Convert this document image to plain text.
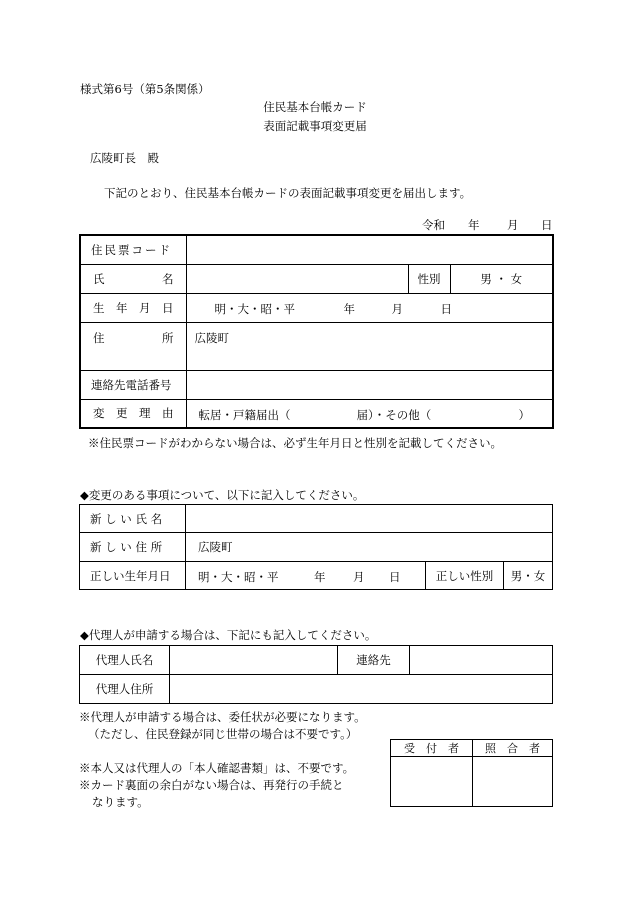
様式第6号（第5条関係）
住民基本台帳カード
表面記載事項変更届
広陵町長　殿
下記のとおり、住民基本台帳カードの表面記載事項変更を届出します。
令和 年 月 日
住民票コード			

氏 名		性別	男 ・ 女

生 年 月 日	明・大・昭・平 年 月 日		

住 所	広陵町		
連絡先電話番号			

変 更 理 由	転居・戸籍届出（ 届）・その他（ ）		
※住民票コードがわからない場合は、必ず生年月日と性別を記載してください。
◆変更のある事項について、以下に記入してください。
新 し い 氏 名			
新 し い 住 所	広陵町		
正しい生年月日	明・大・昭・平 年 月 日	正しい性別	男・女
◆代理人が申請する場合は、下記にも記入してください。
代理人氏名		連絡先	
代理人住所			
※代理人が申請する場合は、委任状が必要になります。
（ただし、住民登録が同じ世帯の場合は不要です。）
※本人又は代理人の「本人確認書類」は、不要です。
※カード裏面の余白がない場合は、再発行の手続と
なります。
受　付　者	照　合　者
